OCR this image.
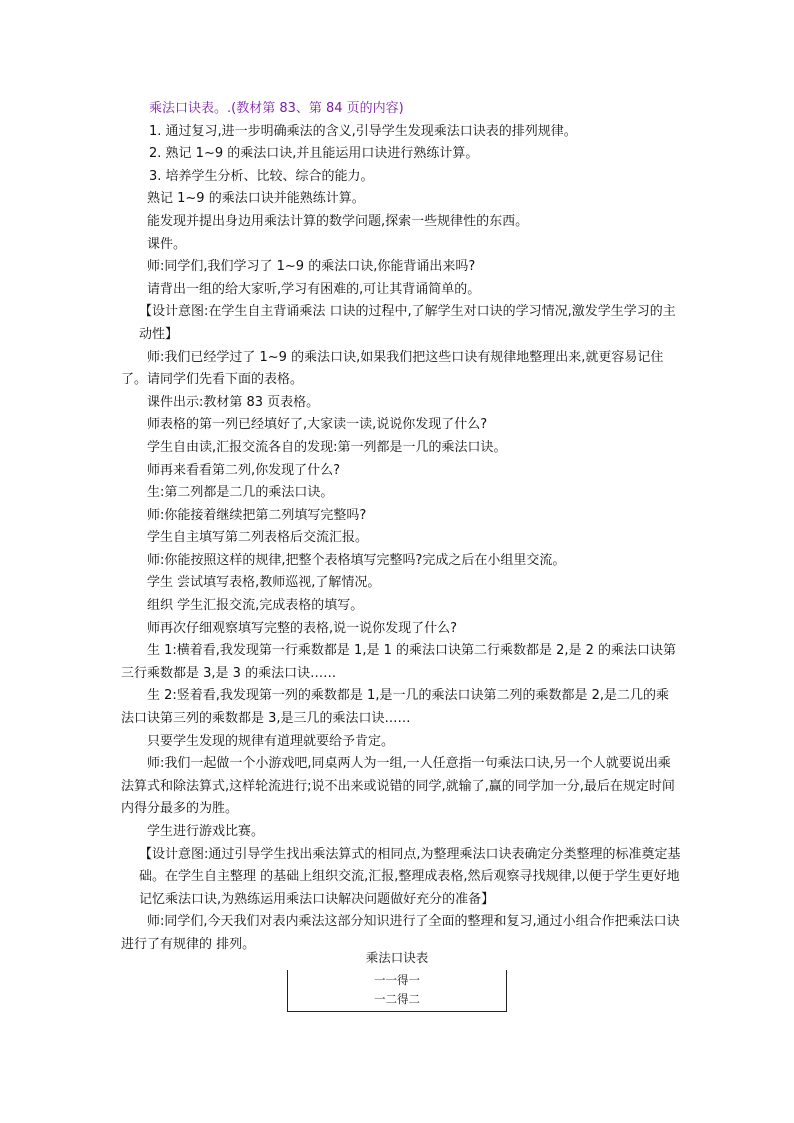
乘法口诀表。.(教材第 83、第 84 页的内容)

1. 通过复习,进一步明确乘法的含义,引导学生发现乘法口诀表的排列规律。

2. 熟记 1~9 的乘法口诀,并且能运用口诀进行熟练计算。

3. 培养学生分析、比较、综合的能力。

熟记 1~9 的乘法口诀并能熟练计算。

能发现并提出身边用乘法计算的数学问题,探索一些规律性的东西。

课件。

师:同学们,我们学习了 1~9 的乘法口诀,你能背诵出来吗?

请背出一组的给大家听,学习有困难的,可让其背诵简单的。

【设计意图:在学生自主背诵乘法 口诀的过程中,了解学生对口诀的学习情况,激发学生学习的主动性】

师:我们已经学过了 1~9 的乘法口诀,如果我们把这些口诀有规律地整理出来,就更容易记住了。请同学们先看下面的表格。

课件出示:教材第 83 页表格。

师表格的第一列已经填好了,大家读一读,说说你发现了什么?

学生自由读,汇报交流各自的发现:第一列都是一几的乘法口诀。

师再来看看第二列,你发现了什么?

生:第二列都是二几的乘法口诀。

师:你能接着继续把第二列填写完整吗?

学生自主填写第二列表格后交流汇报。

师:你能按照这样的规律,把整个表格填写完整吗?完成之后在小组里交流。

学生 尝试填写表格,教师巡视,了解情况。

组织 学生汇报交流,完成表格的填写。

师再次仔细观察填写完整的表格,说一说你发现了什么?

生 1:横着看,我发现第一行乘数都是 1,是 1 的乘法口诀第二行乘数都是 2,是 2 的乘法口诀第三行乘数都是 3,是 3 的乘法口诀……

生 2:竖着看,我发现第一列的乘数都是 1,是一几的乘法口诀第二列的乘数都是 2,是二几的乘法口诀第三列的乘数都是 3,是三几的乘法口诀……

只要学生发现的规律有道理就要给予肯定。

师:我们一起做一个小游戏吧,同桌两人为一组,一人任意指一句乘法口诀,另一个人就要说出乘法算式和除法算式,这样轮流进行;说不出来或说错的同学,就输了,赢的同学加一分,最后在规定时间 内得分最多的为胜。

学生进行游戏比赛。

【设计意图:通过引导学生找出乘法算式的相同点,为整理乘法口诀表确定分类整理的标准奠定基础。在学生自主整理 的基础上组织交流,汇报,整理成表格,然后观察寻找规律,以便于学生更好地记忆乘法口诀,为熟练运用乘法口诀解决问题做好充分的准备】

师:同学们,今天我们对表内乘法这部分知识进行了全面的整理和复习,通过小组合作把乘法口诀进行了有规律的 排列。

乘法口诀表

一一得一
一二得二
